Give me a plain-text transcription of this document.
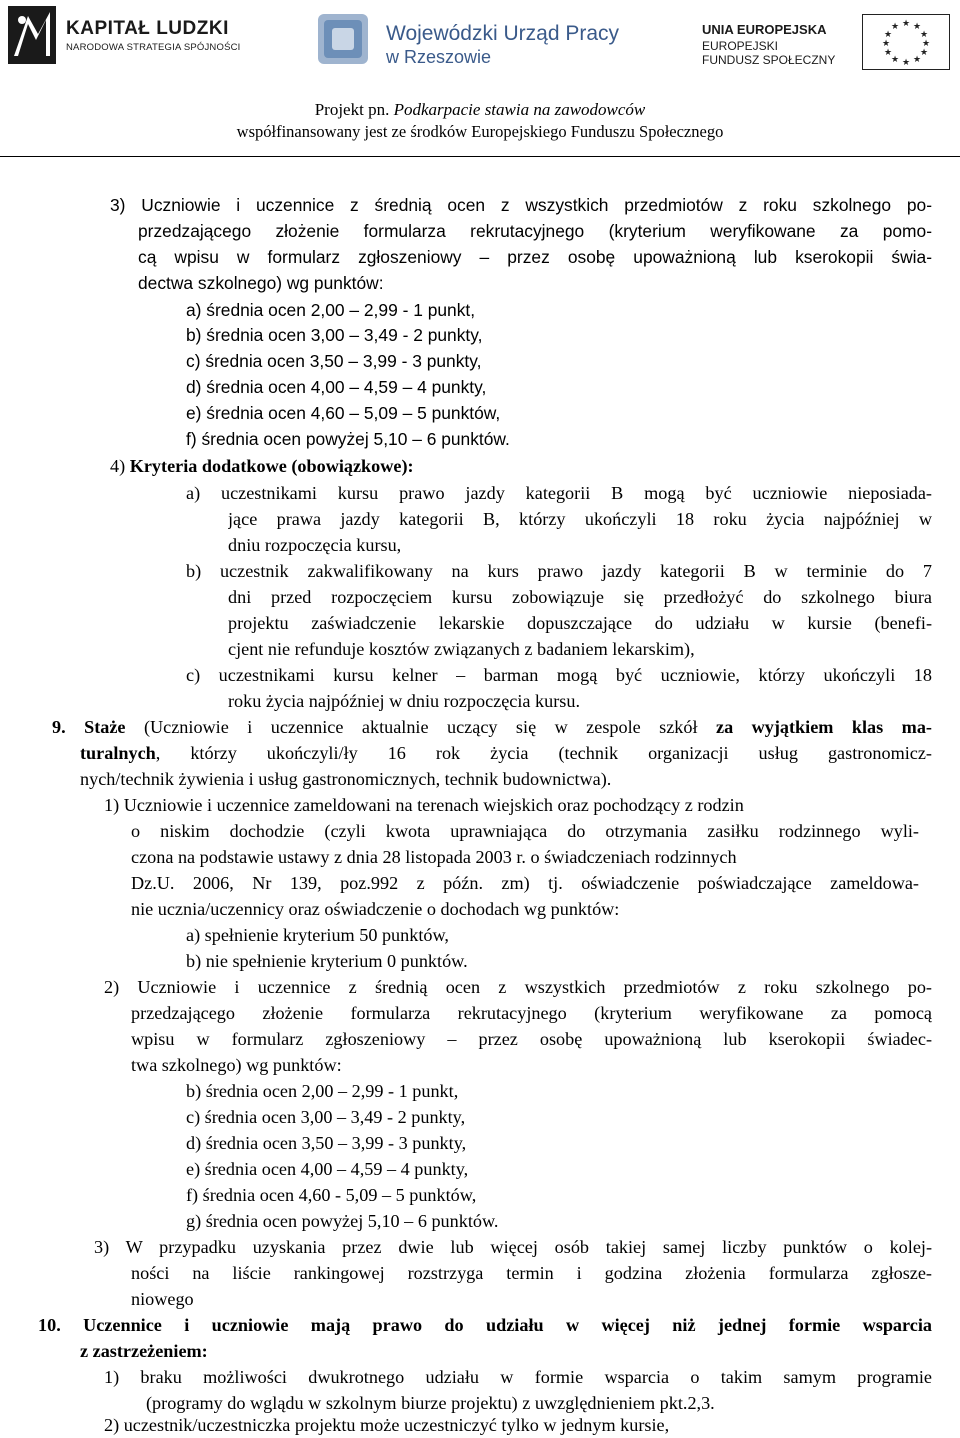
KAPITAŁ LUDZKI
NARODOWA STRATEGIA SPÓJNOŚCI
Wojewódzki Urząd Pracy
w Rzeszowie
UNIA EUROPEJSKA
EUROPEJSKI
FUNDUSZ SPOŁECZNY
★ ★
★
★
★
★
★
★
★
★
★
★
Projekt pn. Podkarpacie stawia na zawodowców
współfinansowany jest ze środków Europejskiego Funduszu Społecznego
3) Uczniowie i uczennice z średnią ocen z wszystkich przedmiotów z roku szkolnego po-
przedzającego złożenie formularza rekrutacyjnego (kryterium weryfikowane za pomo-
cą wpisu w formularz zgłoszeniowy – przez osobę upoważnioną lub kserokopii świa-
dectwa szkolnego) wg punktów:
a) średnia ocen 2,00 – 2,99 - 1 punkt,
b) średnia ocen 3,00 – 3,49 - 2 punkty,
c) średnia ocen 3,50 – 3,99 - 3 punkty,
d) średnia ocen 4,00 – 4,59 – 4 punkty,
e) średnia ocen 4,60 – 5,09 – 5 punktów,
f) średnia ocen powyżej 5,10 – 6 punktów.
4) Kryteria dodatkowe (obowiązkowe):
a) uczestnikami kursu prawo jazdy kategorii B mogą być uczniowie nieposiada-
jące prawa jazdy kategorii B, którzy ukończyli 18 roku życia najpóźniej w
dniu rozpoczęcia kursu,
b) uczestnik zakwalifikowany na kurs prawo jazdy kategorii B w terminie do 7
dni przed rozpoczęciem kursu zobowiązuje się przedłożyć do szkolnego biura
projektu zaświadczenie lekarskie dopuszczające do udziału w kursie (benefi-
cjent nie refunduje kosztów związanych z badaniem lekarskim),
c) uczestnikami kursu kelner – barman mogą być uczniowie, którzy ukończyli 18
roku życia najpóźniej w dniu rozpoczęcia kursu.
9. Staże (Uczniowie i uczennice aktualnie uczący się w zespole szkół za wyjątkiem klas ma-
turalnych, którzy ukończyli/ły 16 rok życia (technik organizacji usług gastronomicz-
nych/technik żywienia i usług gastronomicznych, technik budownictwa).
1) Uczniowie i uczennice zameldowani na terenach wiejskich oraz pochodzący z rodzin
o niskim dochodzie (czyli kwota uprawniająca do otrzymania zasiłku rodzinnego wyli-
czona na podstawie ustawy z dnia 28 listopada 2003 r. o świadczeniach rodzinnych
Dz.U. 2006, Nr 139, poz.992 z późn. zm) tj. oświadczenie poświadczające zameldowa-
nie ucznia/uczennicy oraz oświadczenie o dochodach wg punktów:
a) spełnienie kryterium 50 punktów,
b) nie spełnienie kryterium 0 punktów.
2) Uczniowie i uczennice z średnią ocen z wszystkich przedmiotów z roku szkolnego po-
przedzającego złożenie formularza rekrutacyjnego (kryterium weryfikowane za pomocą
wpisu w formularz zgłoszeniowy – przez osobę upoważnioną lub kserokopii świadec-
twa szkolnego) wg punktów:
b) średnia ocen 2,00 – 2,99 - 1 punkt,
c) średnia ocen 3,00 – 3,49 - 2 punkty,
d) średnia ocen 3,50 – 3,99 - 3 punkty,
e) średnia ocen 4,00 – 4,59 – 4 punkty,
f) średnia ocen 4,60 - 5,09 – 5 punktów,
g) średnia ocen powyżej 5,10 – 6 punktów.
3) W przypadku uzyskania przez dwie lub więcej osób takiej samej liczby punktów o kolej-
ności na liście rankingowej rozstrzyga termin i godzina złożenia formularza zgłosze-
niowego
10. Uczennice i uczniowie mają prawo do udziału w więcej niż jednej formie wsparcia
z zastrzeżeniem:
1) braku możliwości dwukrotnego udziału w formie wsparcia o takim samym programie
(programy do wglądu w szkolnym biurze projektu) z uwzględnieniem pkt.2,3.
2) uczestnik/uczestniczka projektu może uczestniczyć tylko w jednym kursie,
